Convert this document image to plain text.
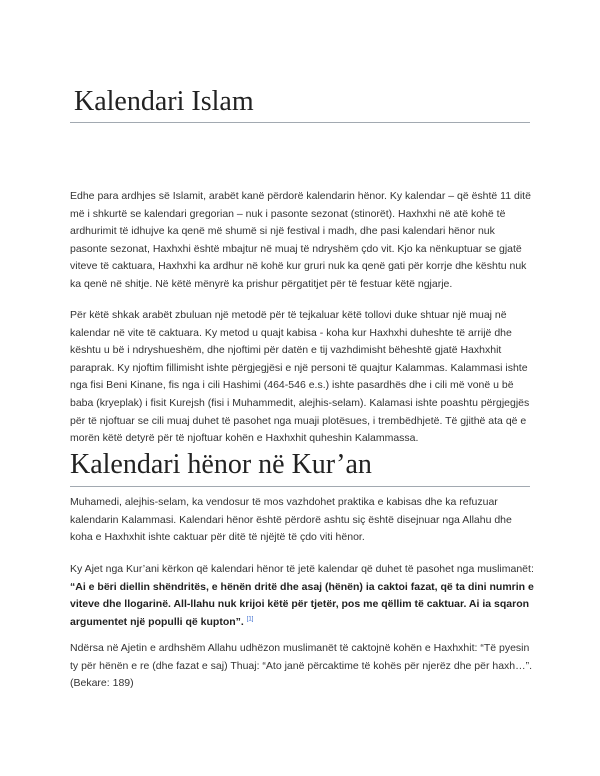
Kalendari Islam

Edhe para ardhjes së Islamit, arabët kanë përdorë kalendarin hënor. Ky kalendar – që është 11 ditë më i shkurtë se kalendari gregorian – nuk i pasonte sezonat (stinorët). Haxhxhi në atë kohë të ardhurimit të idhujve ka qenë më shumë si një festival i madh, dhe pasi kalendari hënor nuk pasonte sezonat, Haxhxhi është mbajtur në muaj të ndryshëm çdo vit. Kjo ka nënkuptuar se gjatë viteve të caktuara, Haxhxhi ka ardhur në kohë kur gruri nuk ka qenë gati për korrje dhe kështu nuk ka qenë në shitje. Në këtë mënyrë ka prishur përgatitjet për të festuar këtë ngjarje.

Për këtë shkak arabët zbuluan një metodë për të tejkaluar këtë tollovi duke shtuar një muaj në kalendar në vite të caktuara. Ky metod u quajt kabisa - koha kur Haxhxhi duheshte të arrijë dhe kështu u bë i ndryshueshëm, dhe njoftimi për datën e tij vazhdimisht bëheshtë gjatë Haxhxhit paraprak. Ky njoftim fillimisht ishte përgjegjësi e një personi të quajtur Kalammas. Kalammasi ishte nga fisi Beni Kinane, fis nga i cili Hashimi (464-546 e.s.) ishte pasardhës dhe i cili më vonë u bë baba (kryeplak) i fisit Kurejsh (fisi i Muhammedit, alejhis-selam). Kalamasi ishte poashtu përgjegjës për të njoftuar se cili muaj duhet të pasohet nga muaji plotësues, i trembëdhjetë. Të gjithë ata që e morën këtë detyrë për të njoftuar kohën e Haxhxhit quheshin Kalammassa.

Kalendari hënor në Kur’an

Muhamedi, alejhis-selam, ka vendosur të mos vazhdohet praktika e kabisas dhe ka refuzuar kalendarin Kalammasi. Kalendari hënor është përdorë ashtu siç është disejnuar nga Allahu dhe koha e Haxhxhit ishte caktuar për ditë të njëjtë të çdo viti hënor.

Ky Ajet nga Kur’ani kërkon që kalendari hënor të jetë kalendar që duhet të pasohet nga muslimanët: “Ai e bëri diellin shëndritës, e hënën dritë dhe asaj (hënën) ia caktoi fazat, që ta dini numrin e viteve dhe llogarinë. All-llahu nuk krijoi këtë për tjetër, pos me qëllim të caktuar. Ai ia sqaron argumentet një populli që kupton”. [1]

Ndërsa në Ajetin e ardhshëm Allahu udhëzon muslimanët të caktojnë kohën e Haxhxhit: “Të pyesin ty për hënën e re (dhe fazat e saj) Thuaj: “Ato janë përcaktime të kohës për njerëz dhe për haxh…”. (Bekare: 189)
